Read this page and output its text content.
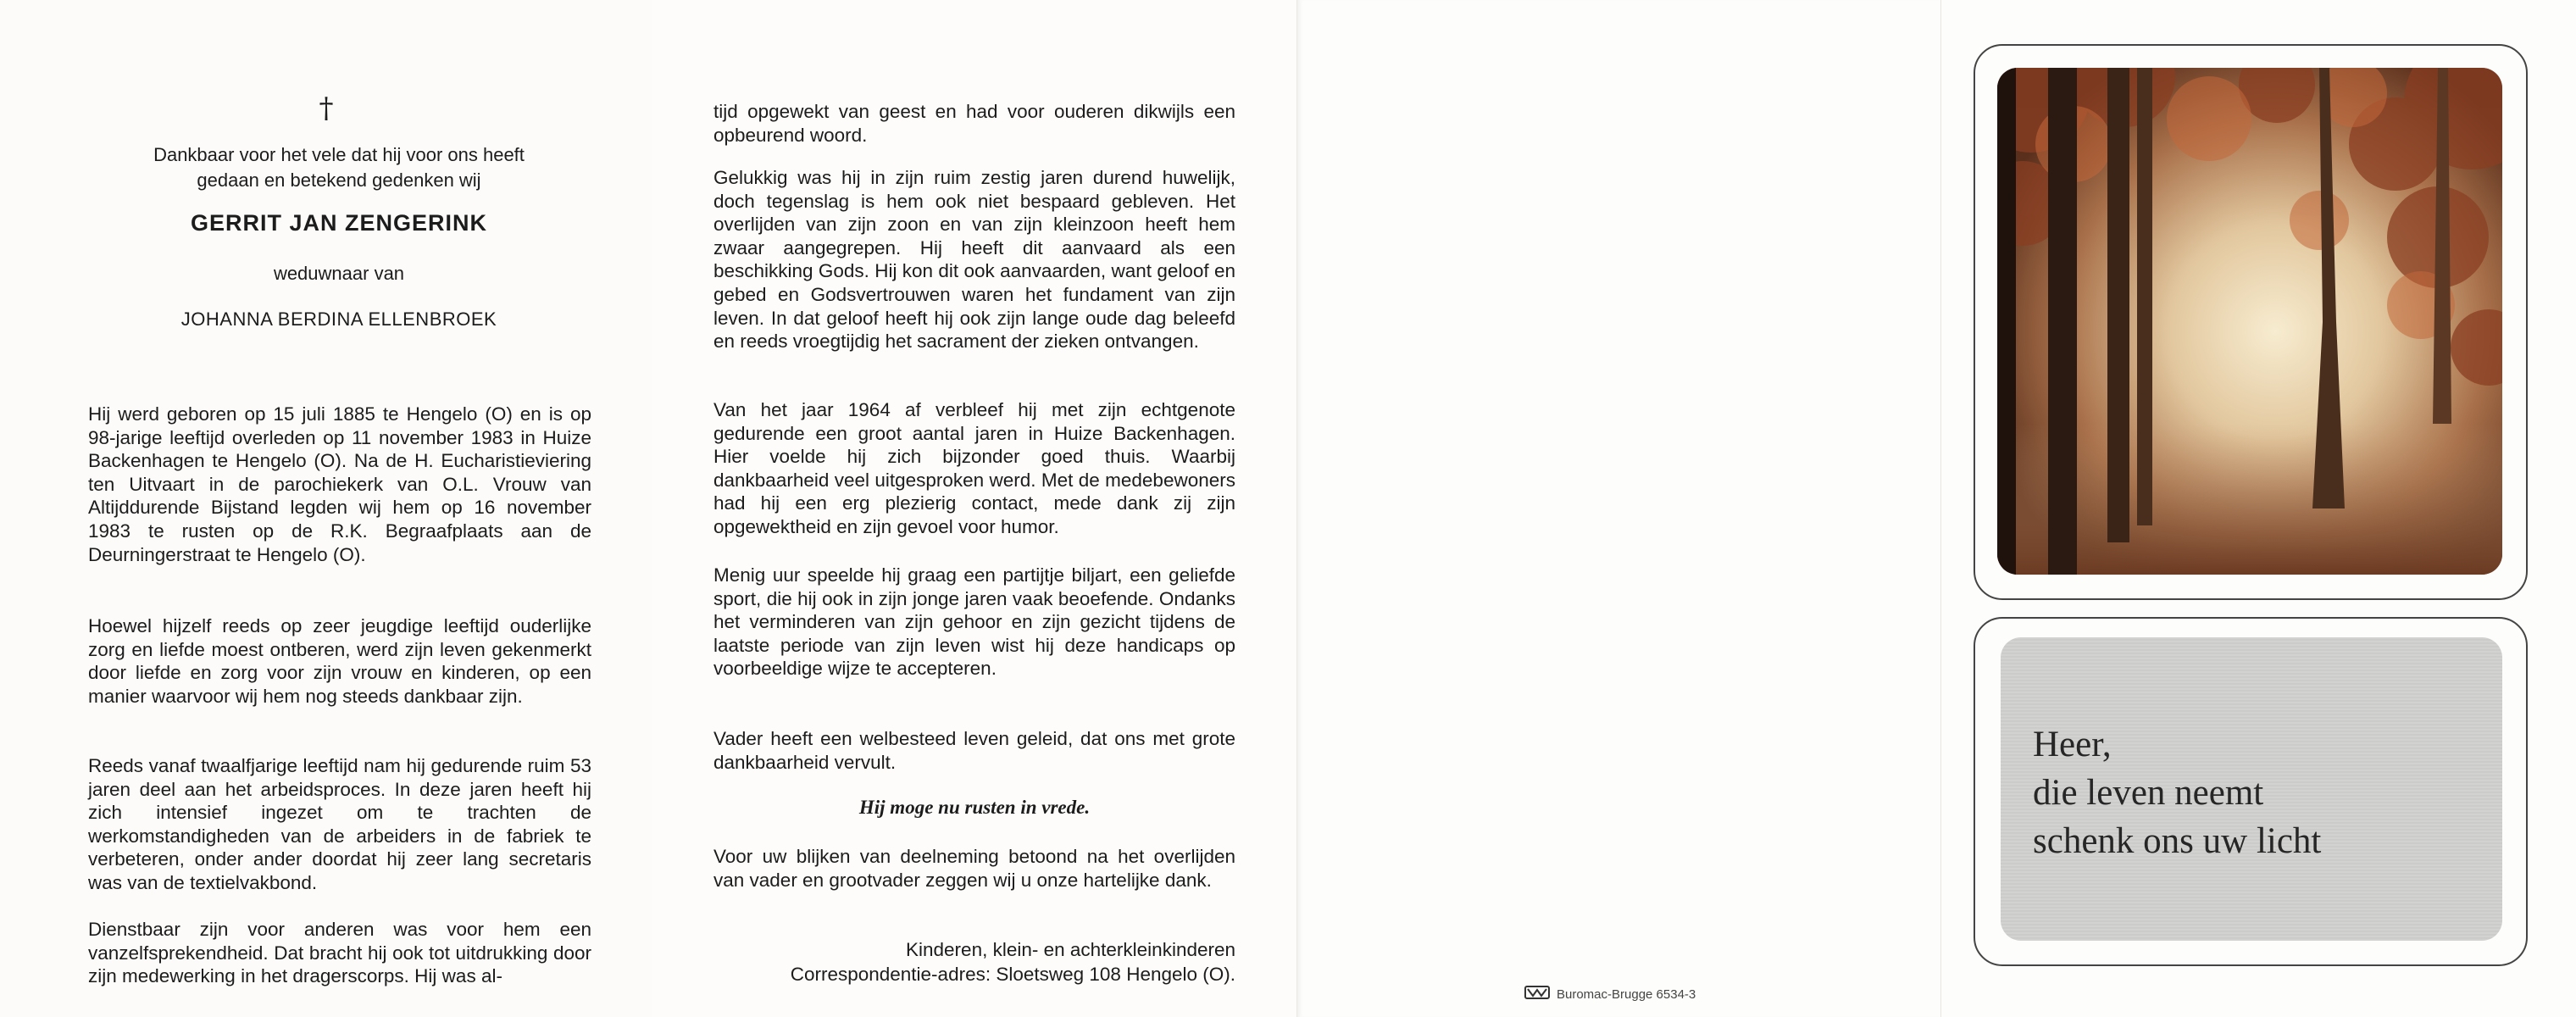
†
Dankbaar voor het vele dat hij voor ons heeft
gedaan en betekend gedenken wij
GERRIT JAN ZENGERINK
weduwnaar van
JOHANNA BERDINA ELLENBROEK
Hij werd geboren op 15 juli 1885 te Hengelo (O) en is op 98-jarige leeftijd overleden op 11 november 1983 in Huize Backenhagen te Hengelo (O). Na de H. Eucharistieviering ten Uitvaart in de parochiekerk van O.L. Vrouw van Altijddurende Bijstand legden wij hem op 16 november 1983 te rusten op de R.K. Begraafplaats aan de Deurningerstraat te Hengelo (O).
Hoewel hijzelf reeds op zeer jeugdige leeftijd ouderlijke zorg en liefde moest ontberen, werd zijn leven gekenmerkt door liefde en zorg voor zijn vrouw en kinderen, op een manier waarvoor wij hem nog steeds dankbaar zijn.
Reeds vanaf twaalfjarige leeftijd nam hij gedurende ruim 53 jaren deel aan het arbeidsproces. In deze jaren heeft hij zich intensief ingezet om te trachten de werkomstandigheden van de arbeiders in de fabriek te verbeteren, onder ander doordat hij zeer lang secretaris was van de textielvakbond.
Dienstbaar zijn voor anderen was voor hem een vanzelfsprekendheid. Dat bracht hij ook tot uitdrukking door zijn medewerking in het dragerscorps. Hij was al-
tijd opgewekt van geest en had voor ouderen dikwijls een opbeurend woord.
Gelukkig was hij in zijn ruim zestig jaren durend huwelijk, doch tegenslag is hem ook niet bespaard gebleven. Het overlijden van zijn zoon en van zijn kleinzoon heeft hem zwaar aangegrepen. Hij heeft dit aanvaard als een beschikking Gods. Hij kon dit ook aanvaarden, want geloof en gebed en Godsvertrouwen waren het fundament van zijn leven. In dat geloof heeft hij ook zijn lange oude dag beleefd en reeds vroegtijdig het sacrament der zieken ontvangen.
Van het jaar 1964 af verbleef hij met zijn echtgenote gedurende een groot aantal jaren in Huize Backenhagen. Hier voelde hij zich bijzonder goed thuis. Waarbij dankbaarheid veel uitgesproken werd. Met de medebewoners had hij een erg plezierig contact, mede dank zij zijn opgewektheid en zijn gevoel voor humor.
Menig uur speelde hij graag een partijtje biljart, een geliefde sport, die hij ook in zijn jonge jaren vaak beoefende. Ondanks het verminderen van zijn gehoor en zijn gezicht tijdens de laatste periode van zijn leven wist hij deze handicaps op voorbeeldige wijze te accepteren.
Vader heeft een welbesteed leven geleid, dat ons met grote dankbaarheid vervult.
Hij moge nu rusten in vrede.
Voor uw blijken van deelneming betoond na het overlijden van vader en grootvader zeggen wij u onze hartelijke dank.
Kinderen, klein- en achterkleinkinderen
Correspondentie-adres: Sloetsweg 108 Hengelo (O).
Buromac-Brugge 6534-3
Heer,
die leven neemt
schenk ons uw licht
